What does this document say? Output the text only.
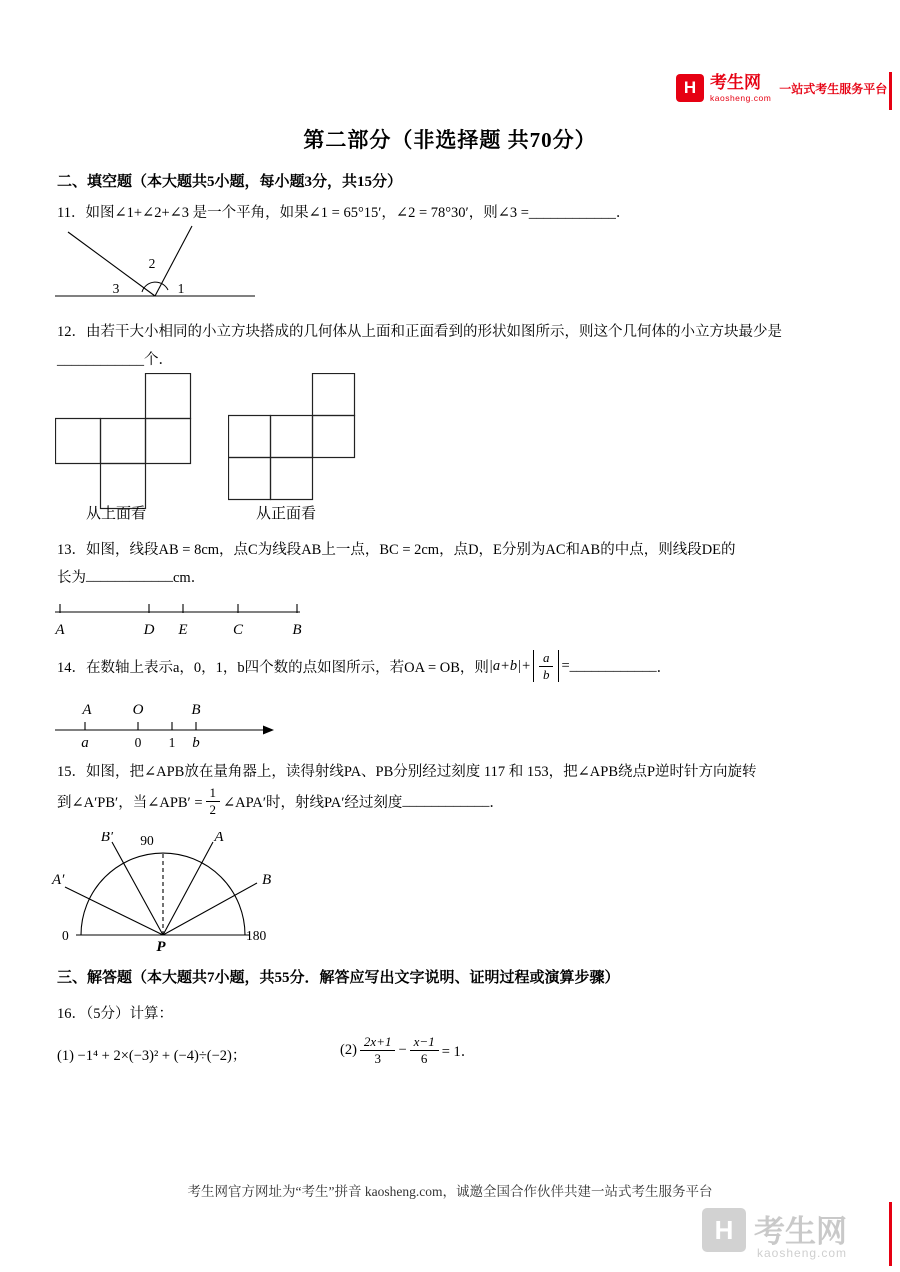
H 考生网
kaosheng.com
一站式考生服务平台
第二部分（非选择题 共70分）
二、填空题（本大题共5小题，每小题3分，共15分）
11．如图∠1+∠2+∠3 是一个平角，如果∠1 = 65°15′，∠2 = 78°30′，则∠3 =____________．
3
2
1
12．由若干大小相同的小立方块搭成的几何体从上面和正面看到的形状如图所示，则这个几何体的小立方块最少是
____________个．
从上面看	从正面看
13．如图，线段AB = 8cm，点C为线段AB上一点，BC = 2cm，点D，E分别为AC和AB的中点，则线段DE的
长为 ____________ cm．
A	D E	C	B
14．在数轴上表示a，0，1，b四个数的点如图所示，若OA = OB，则 $|a+b|+ \frac{a}{b}$ = ____________ ．
A	O	B
a	0 1 b
15．如图，把∠APB放在量角器上，读得射线PA、PB分别经过刻度 117 和 153，把∠APB绕点P逆时针方向旋转
到∠A′PB′，当∠APB′ = $\frac{1}{2}$ ∠APA′时，射线PA′经过刻度 ____________ ．
B′ 90	A
A′	B
0	180
P
三、解答题（本大题共7小题，共55分．解答应写出文字说明、证明过程或演算步骤）
16．（5分）计算：
(1) −1⁴ + 2×(−3)² + (−4)÷(−2)；	$(2) \frac{2x+1}{3} - \frac{x-1}{6} = 1$．
考生网官方网址为“考生”拼音 kaosheng.com，诚邀全国合作伙伴共建一站式考生服务平台
H 考生网
kaosheng.com
